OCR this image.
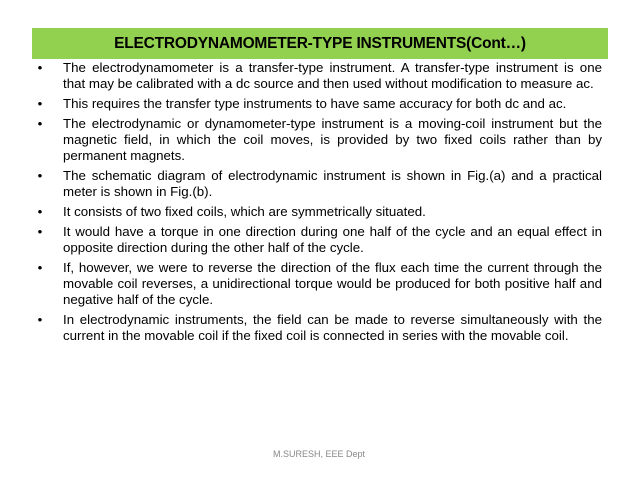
ELECTRODYNAMOMETER-TYPE INSTRUMENTS(Cont…)
• The electrodynamometer is a transfer-type instrument. A transfer-type instrument is one that may be calibrated with a dc source and then used without modification to measure ac.
• This requires the transfer type instruments to have same accuracy for both dc and ac.
• The electrodynamic or dynamometer-type instrument is a moving-coil instrument but the magnetic field, in which the coil moves, is provided by two fixed coils rather than by permanent magnets.
• The schematic diagram of electrodynamic instrument is shown in Fig.(a) and a practical meter is shown in Fig.(b).
• It consists of two fixed coils, which are symmetrically situated.
• It would have a torque in one direction during one half of the cycle and an equal effect in opposite direction during the other half of the cycle.
• If, however, we were to reverse the direction of the flux each time the current through the movable coil reverses, a unidirectional torque would be produced for both positive half and negative half of the cycle.
• In electrodynamic instruments, the field can be made to reverse simultaneously with the current in the movable coil if the fixed coil is connected in series with the movable coil.
M.SURESH, EEE Dept
